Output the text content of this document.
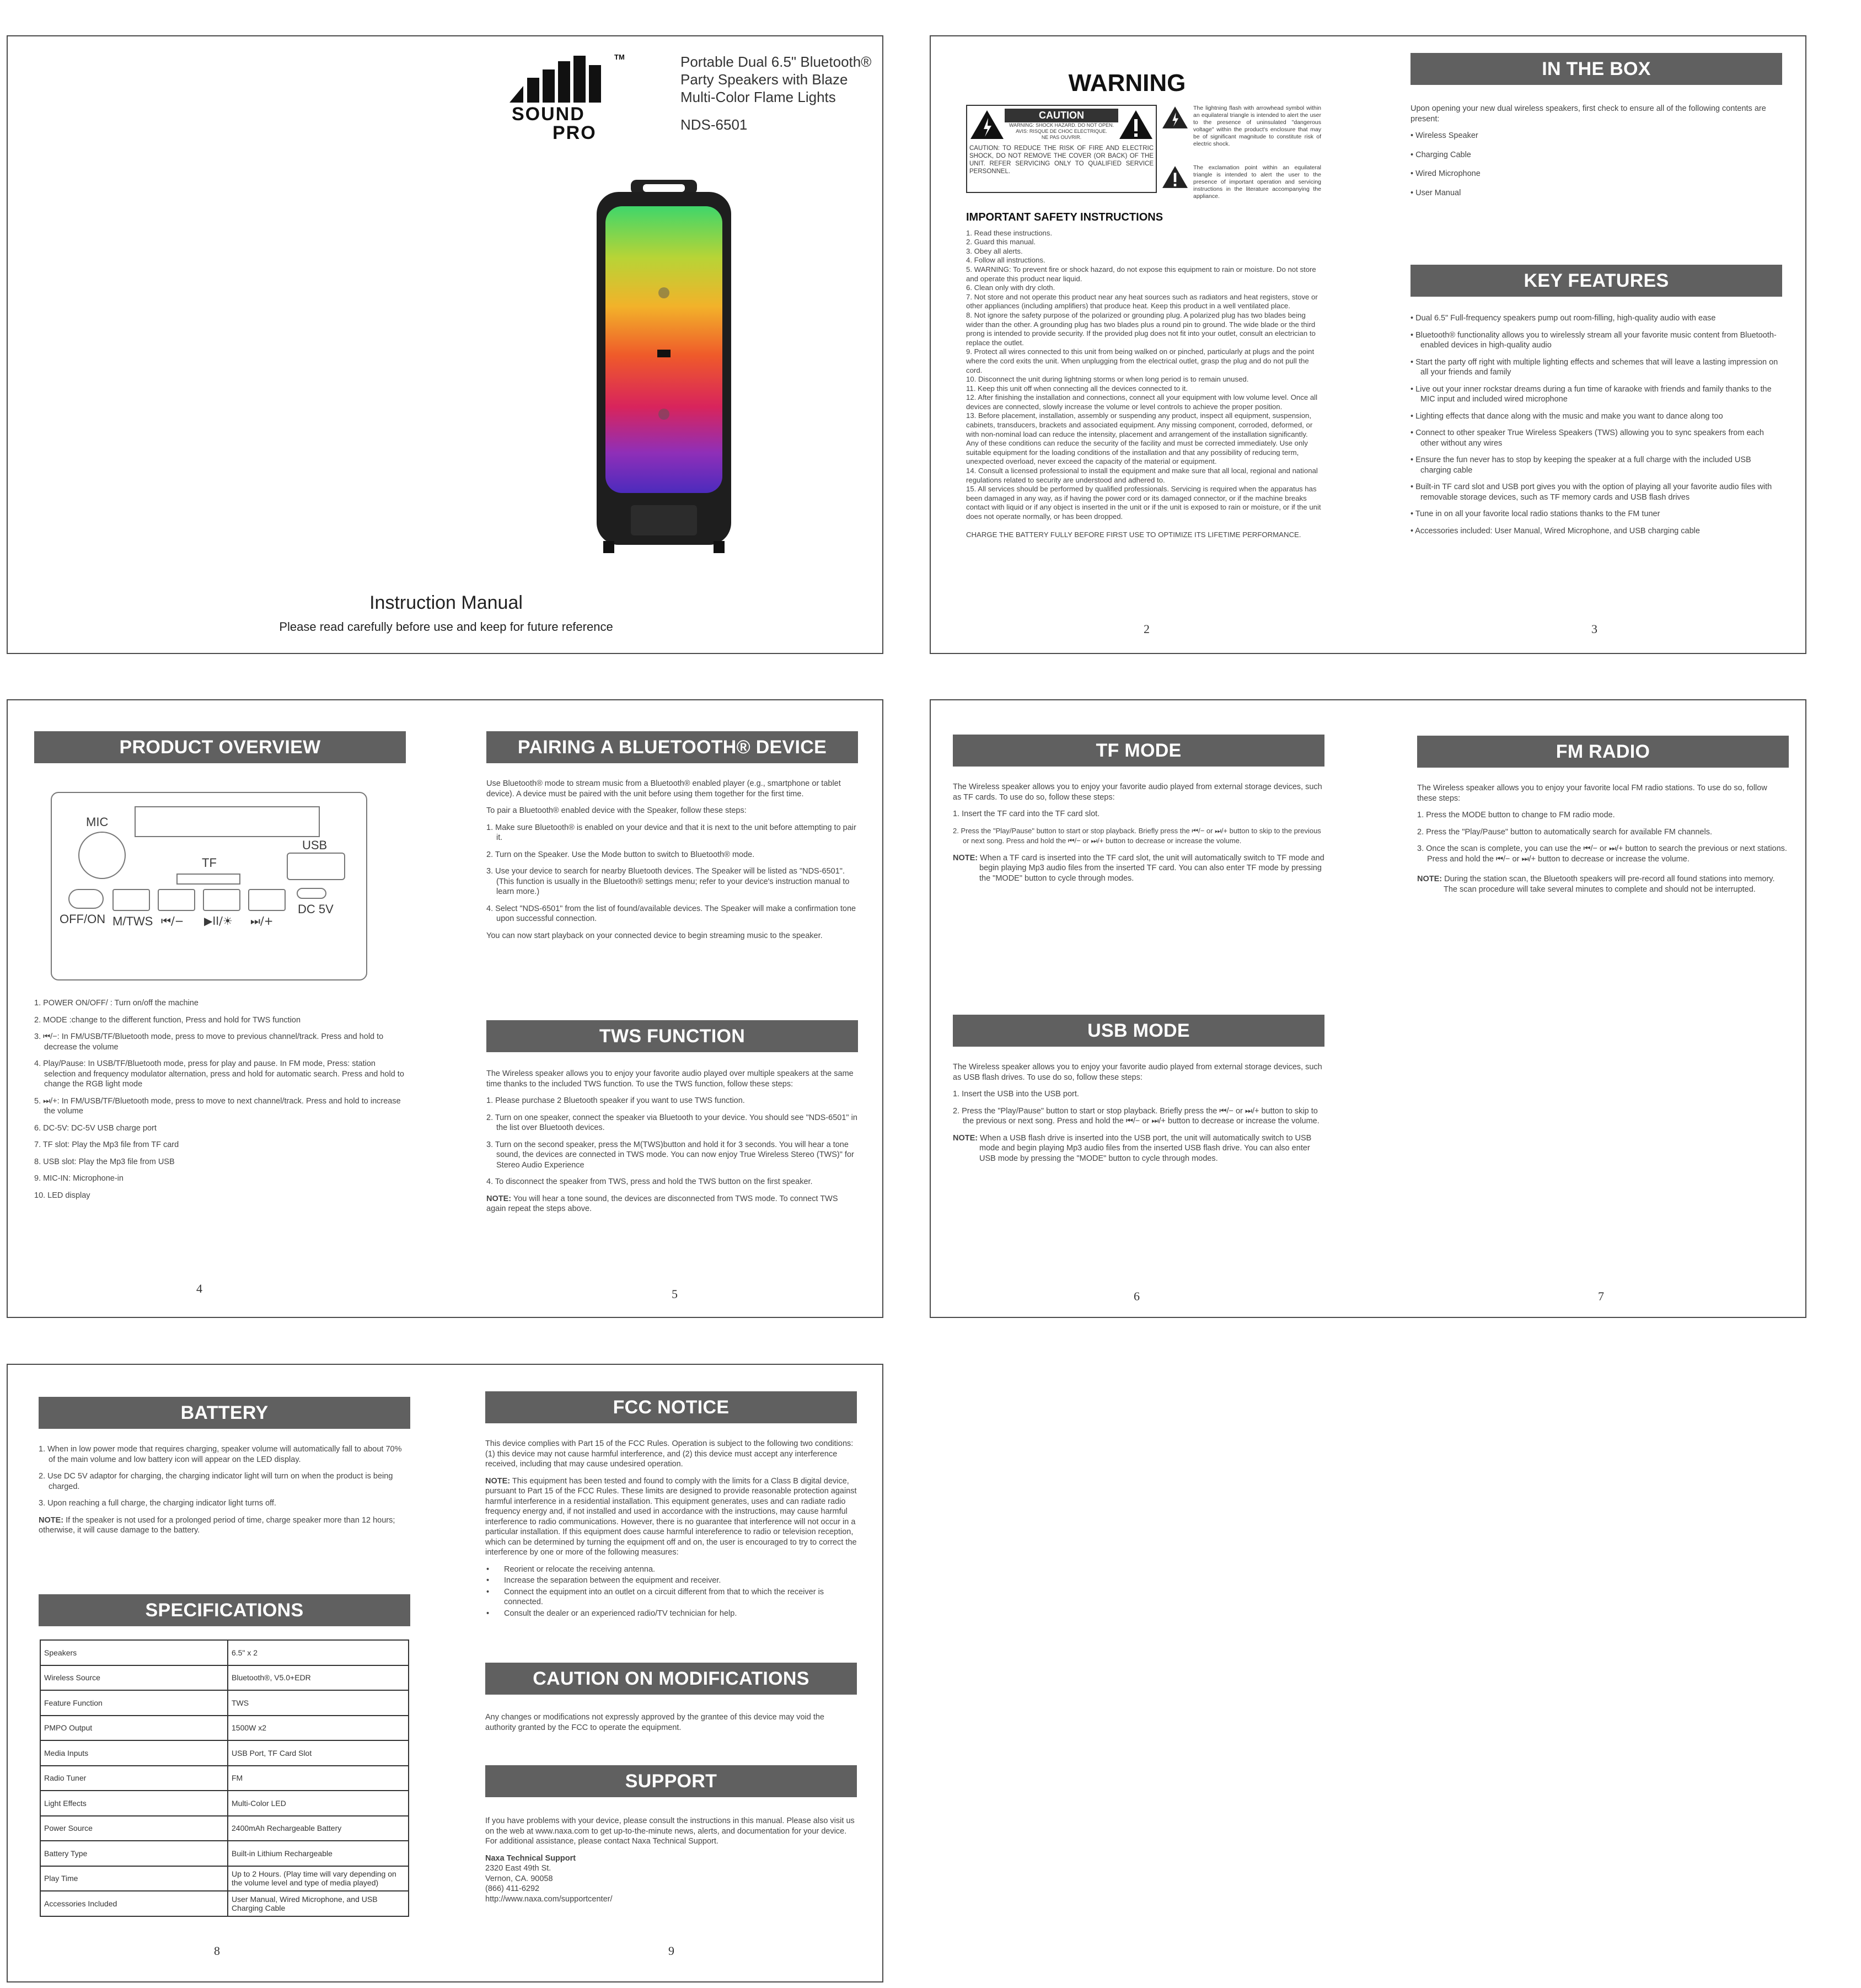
TM
SOUND
PRO
Portable Dual 6.5" Bluetooth®
Party Speakers with Blaze
Multi-Color Flame Lights
NDS-6501
Instruction Manual
Please read carefully before use and keep for future reference
WARNING
CAUTION
WARNING: SHOCK HAZARD. DO NOT OPEN.
AVIS: RISQUE DE CHOC ELECTRIQUE.
NE PAS OUVRIR.
CAUTION: TO REDUCE THE RISK OF FIRE AND ELECTRIC SHOCK, DO NOT REMOVE THE COVER (OR BACK) OF THE UNIT. REFER SERVICING ONLY TO QUALIFIED SERVICE PERSONNEL.
The lightning flash with arrowhead symbol within an equilateral triangle is intended to alert the user to the presence of uninsulated "dangerous voltage" within the product's enclosure that may be of significant magnitude to constitute risk of electric shock.
The exclamation point within an equilateral triangle is intended to alert the user to the presence of important operation and servicing instructions in the literature accompanying the appliance.
IMPORTANT SAFETY INSTRUCTIONS
1. Read these instructions.
2. Guard this manual.
3. Obey all alerts.
4. Follow all instructions.
5. WARNING: To prevent fire or shock hazard, do not expose this equipment to rain or moisture. Do not store and operate this product near liquid.
6. Clean only with dry cloth.
7. Not store and not operate this product near any heat sources such as radiators and heat registers, stove or other appliances (including amplifiers) that produce heat. Keep this product in a well ventilated place.
8. Not ignore the safety purpose of the polarized or grounding plug. A polarized plug has two blades being wider than the other. A grounding plug has two blades plus a round pin to ground. The wide blade or the third prong is intended to provide security. If the provided plug does not fit into your outlet, consult an electrician to replace the outlet.
9. Protect all wires connected to this unit from being walked on or pinched, particularly at plugs and the point where the cord exits the unit. When unplugging from the electrical outlet, grasp the plug and do not pull the cord.
10. Disconnect the unit during lightning storms or when long period is to remain unused.
11. Keep this unit off when connecting all the devices connected to it.
12. After finishing the installation and connections, connect all your equipment with low volume level. Once all devices are connected, slowly increase the volume or level controls to achieve the proper position.
13. Before placement, installation, assembly or suspending any product, inspect all equipment, suspension, cabinets, transducers, brackets and associated equipment. Any missing component, corroded, deformed, or with non-nominal load can reduce the intensity, placement and arrangement of the installation significantly. Any of these conditions can reduce the security of the facility and must be corrected immediately. Use only suitable equipment for the loading conditions of the installation and that any possibility of reducing term, unexpected overload, never exceed the capacity of the material or equipment.
14. Consult a licensed professional to install the equipment and make sure that all local, regional and national regulations related to security are understood and adhered to.
15. All services should be performed by qualified professionals. Servicing is required when the apparatus has been damaged in any way, as if having the power cord or its damaged connector, or if the machine breaks contact with liquid or if any object is inserted in the unit or if the unit is exposed to rain or moisture, or if the unit does not operate normally, or has been dropped.
CHARGE THE BATTERY FULLY BEFORE FIRST USE TO OPTIMIZE ITS LIFETIME PERFORMANCE.
2
IN THE BOX

Upon opening your new dual wireless speakers, first check to ensure all of the following contents are present:

• Wireless Speaker
• Charging Cable
• Wired Microphone
• User Manual
KEY FEATURES
• Dual 6.5" Full-frequency speakers pump out room-filling, high-quality audio with ease
• Bluetooth® functionality allows you to wirelessly stream all your favorite music content from Bluetooth-enabled devices in high-quality audio
• Start the party off right with multiple lighting effects and schemes that will leave a lasting impression on all your friends and family
• Live out your inner rockstar dreams during a fun time of karaoke with friends and family thanks to the MIC input and included wired microphone
• Lighting effects that dance along with the music and make you want to dance along too
• Connect to other speaker True Wireless Speakers (TWS) allowing you to sync speakers from each other without any wires
• Ensure the fun never has to stop by keeping the speaker at a full charge with the included USB charging cable
• Built-in TF card slot and USB port gives you with the option of playing all your favorite audio files with removable storage devices, such as TF memory cards and USB flash drives
• Tune in on all your favorite local radio stations thanks to the FM tuner
• Accessories included: User Manual, Wired Microphone, and USB charging cable
3
PRODUCT OVERVIEW
MIC
USB
TF
DC 5V
OFF/ON M/TWS ⏮/− ▶II/☀ ⏭/+
1. POWER ON/OFF/ : Turn on/off the machine
2. MODE :change to the different function, Press and hold for TWS function
3. ⏮/−: In FM/USB/TF/Bluetooth mode, press to move to previous channel/track. Press and hold to decrease the volume
4. Play/Pause: In USB/TF/Bluetooth mode, press for play and pause. In FM mode, Press: station selection and frequency modulator alternation, press and hold for automatic search. Press and hold to change the RGB light mode
5. ⏭/+: In FM/USB/TF/Bluetooth mode, press to move to next channel/track. Press and hold to increase the volume
6. DC-5V: DC-5V USB charge port
7. TF slot: Play the Mp3 file from TF card
8. USB slot: Play the Mp3 file from USB
9. MIC-IN: Microphone-in
10. LED display
4
PAIRING A BLUETOOTH® DEVICE

Use Bluetooth® mode to stream music from a Bluetooth® enabled player (e.g., smartphone or tablet device). A device must be paired with the unit before using them together for the first time.

To pair a Bluetooth® enabled device with the Speaker, follow these steps:

1. Make sure Bluetooth® is enabled on your device and that it is next to the unit before attempting to pair it.
2. Turn on the Speaker. Use the Mode button to switch to Bluetooth® mode.
3. Use your device to search for nearby Bluetooth devices. The Speaker will be listed as "NDS-6501". (This function is usually in the Bluetooth® settings menu; refer to your device's instruction manual to learn more.)
4. Select "NDS-6501" from the list of found/available devices. The Speaker will make a confirmation tone upon successful connection.

You can now start playback on your connected device to begin streaming music to the speaker.

TWS FUNCTION

The Wireless speaker allows you to enjoy your favorite audio played over multiple speakers at the same time thanks to the included TWS function. To use the TWS function, follow these steps:

1. Please purchase 2 Bluetooth speaker if you want to use TWS function.
2. Turn on one speaker, connect the speaker via Bluetooth to your device. You should see "NDS-6501" in the list over Bluetooth devices.
3. Turn on the second speaker, press the M(TWS)button and hold it for 3 seconds. You will hear a tone sound, the devices are connected in TWS mode. You can now enjoy True Wireless Stereo (TWS)" for Stereo Audio Experience
4. To disconnect the speaker from TWS, press and hold the TWS button on the first speaker.

NOTE: You will hear a tone sound, the devices are disconnected from TWS mode. To connect TWS again repeat the steps above.

5
TF MODE

The Wireless speaker allows you to enjoy your favorite audio played from external storage devices, such as TF cards. To use do so, follow these steps:

1. Insert the TF card into the TF card slot.

2. Press the "Play/Pause" button to start or stop playback. Briefly press the ⏮/− or ⏭/+ button to skip to the previous or next song. Press and hold the ⏮/− or ⏭/+ button to decrease or increase the volume.
NOTE: When a TF card is inserted into the TF card slot, the unit will automatically switch to TF mode and begin playing Mp3 audio files from the inserted TF card. You can also enter TF mode by pressing the "MODE" button to cycle through modes.
USB MODE

The Wireless speaker allows you to enjoy your favorite audio played from external storage devices, such as USB flash drives. To use do so, follow these steps:

1. Insert the USB into the USB port.

2. Press the "Play/Pause" button to start or stop playback. Briefly press the ⏮/− or ⏭/+ button to skip to the previous or next song. Press and hold the ⏮/− or ⏭/+ button to decrease or increase the volume.
NOTE: When a USB flash drive is inserted into the USB port, the unit will automatically switch to USB mode and begin playing Mp3 audio files from the inserted USB flash drive. You can also enter USB mode by pressing the "MODE" button to cycle through modes.
6
FM RADIO

The Wireless speaker allows you to enjoy your favorite local FM radio stations. To use do so, follow these steps:

1. Press the MODE button to change to FM radio mode.

2. Press the "Play/Pause" button to automatically search for available FM channels.

3. Once the scan is complete, you can use the ⏮/− or ⏭/+ button to search the previous or next stations. Press and hold the ⏮/− or ⏭/+ button to decrease or increase the volume.
NOTE: During the station scan, the Bluetooth speakers will pre-record all found stations into memory. The scan procedure will take several minutes to complete and should not be interrupted.
7
BATTERY
1. When in low power mode that requires charging, speaker volume will automatically fall to about 70% of the main volume and low battery icon will appear on the LED display.
2. Use DC 5V adaptor for charging, the charging indicator light will turn on when the product is being charged.
3. Upon reaching a full charge, the charging indicator light turns off.

NOTE: If the speaker is not used for a prolonged period of time, charge speaker more than 12 hours; otherwise, it will cause damage to the battery.

SPECIFICATIONS
Speakers	6.5" x 2
Wireless Source	Bluetooth®, V5.0+EDR
Feature Function	TWS
PMPO Output	1500W x2
Media Inputs	USB Port, TF Card Slot
Radio Tuner	FM
Light Effects	Multi-Color LED
Power Source	2400mAh Rechargeable Battery
Battery Type	Built-in Lithium Rechargeable
Play Time	Up to 2 Hours. (Play time will vary depending on the volume level and type of media played)
Accessories Included	User Manual, Wired Microphone, and USB Charging Cable
8
FCC NOTICE

This device complies with Part 15 of the FCC Rules. Operation is subject to the following two conditions: (1) this device may not cause harmful interference, and (2) this device must accept any interference received, including that may cause undesired operation.

NOTE: This equipment has been tested and found to comply with the limits for a Class B digital device, pursuant to Part 15 of the FCC Rules. These limits are designed to provide reasonable protection against harmful interference in a residential installation. This equipment generates, uses and can radiate radio frequency energy and, if not installed and used in accordance with the instructions, may cause harmful interference to radio communications. However, there is no guarantee that interference will not occur in a particular installation. If this equipment does cause harmful intereference to radio or television reception, which can be determined by turning the equipment off and on, the user is encouraged to try to correct the interference by one or more of the following measures:

• Reorient or relocate the receiving antenna.
• Increase the separation between the equipment and receiver.
• Connect the equipment into an outlet on a circuit different from that to which the receiver is connected.
• Consult the dealer or an experienced radio/TV technician for help.
CAUTION ON MODIFICATIONS
Any changes or modifications not expressly approved by the grantee of this device may void the authority granted by the FCC to operate the equipment.
SUPPORT

If you have problems with your device, please consult the instructions in this manual. Please also visit us on the web at www.naxa.com to get up-to-the-minute news, alerts, and documentation for your device. For additional assistance, please contact Naxa Technical Support.

Naxa Technical Support
2320 East 49th St.
Vernon, CA. 90058
(866) 411-6292
http://www.naxa.com/supportcenter/
9
